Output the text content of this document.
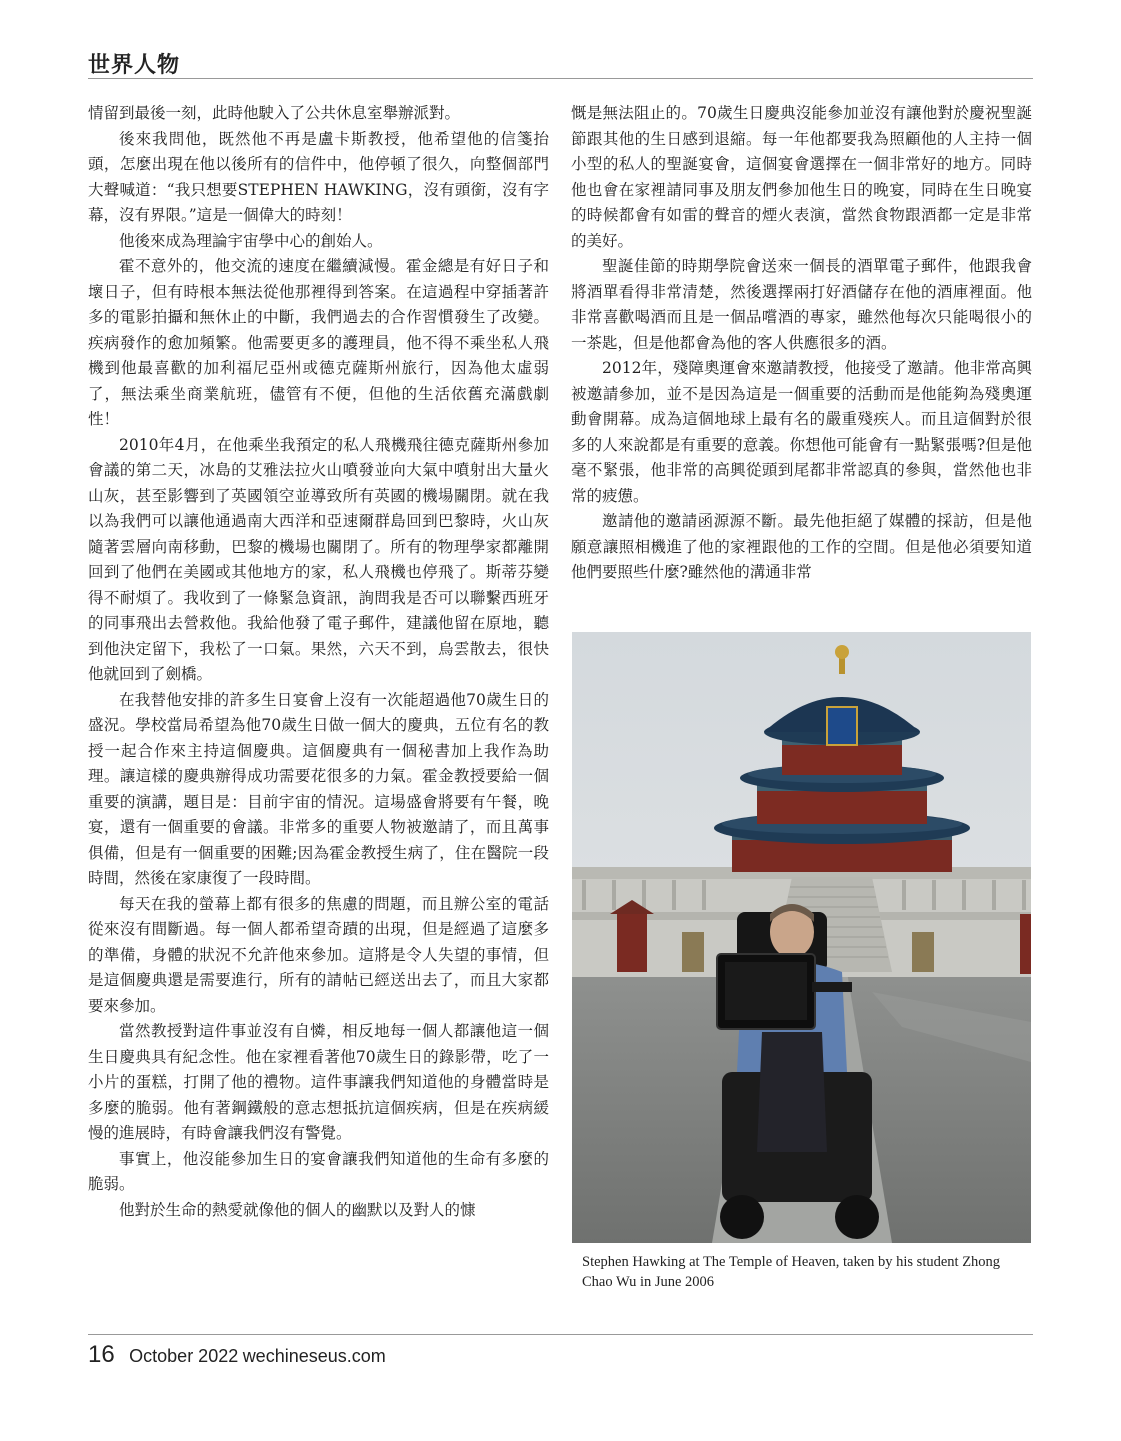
世界人物

情留到最後一刻，此時他駛入了公共休息室舉辦派對。

後來我問他，既然他不再是盧卡斯教授，他希望他的信箋抬頭，怎麼出現在他以後所有的信件中，他停頓了很久，向整個部門大聲喊道：“我只想要STEPHEN HAWKING，沒有頭銜，沒有字幕，沒有界限。”這是一個偉大的時刻！

他後來成為理論宇宙學中心的創始人。

霍不意外的，他交流的速度在繼續減慢。霍金總是有好日子和壞日子，但有時根本無法從他那裡得到答案。在這過程中穿插著許多的電影拍攝和無休止的中斷，我們過去的合作習慣發生了改變。疾病發作的愈加頻繁。他需要更多的護理員，他不得不乘坐私人飛機到他最喜歡的加利福尼亞州或德克薩斯州旅行，因為他太虛弱了，無法乘坐商業航班，儘管有不便，但他的生活依舊充滿戲劇性！

2010年4月，在他乘坐我預定的私人飛機飛往德克薩斯州參加會議的第二天，冰島的艾雅法拉火山噴發並向大氣中噴射出大量火山灰，甚至影響到了英國領空並導致所有英國的機場關閉。就在我以為我們可以讓他通過南大西洋和亞速爾群島回到巴黎時，火山灰隨著雲層向南移動，巴黎的機場也關閉了。所有的物理學家都離開回到了他們在美國或其他地方的家，私人飛機也停飛了。斯蒂芬變得不耐煩了。我收到了一條緊急資訊，詢問我是否可以聯繫西班牙的同事飛出去營救他。我給他發了電子郵件，建議他留在原地，聽到他決定留下，我松了一口氣。果然，六天不到，烏雲散去，很快他就回到了劍橋。

在我替他安排的許多生日宴會上沒有一次能超過他70歲生日的盛況。學校當局希望為他70歲生日做一個大的慶典，五位有名的教授一起合作來主持這個慶典。這個慶典有一個秘書加上我作為助理。讓這樣的慶典辦得成功需要花很多的力氣。霍金教授要給一個重要的演講，題目是：目前宇宙的情況。這場盛會將要有午餐，晚宴，還有一個重要的會議。非常多的重要人物被邀請了，而且萬事俱備，但是有一個重要的困難;因為霍金教授生病了，住在醫院一段時間，然後在家康復了一段時間。

每天在我的螢幕上都有很多的焦慮的問題，而且辦公室的電話從來沒有間斷過。每一個人都希望奇蹟的出現，但是經過了這麼多的準備，身體的狀況不允許他來參加。這將是令人失望的事情，但是這個慶典還是需要進行，所有的請帖已經送出去了，而且大家都要來參加。

當然教授對這件事並沒有自憐，相反地每一個人都讓他這一個生日慶典具有紀念性。他在家裡看著他70歲生日的錄影帶，吃了一小片的蛋糕，打開了他的禮物。這件事讓我們知道他的身體當時是多麼的脆弱。他有著鋼鐵般的意志想抵抗這個疾病，但是在疾病緩慢的進展時，有時會讓我們沒有警覺。

事實上，他沒能參加生日的宴會讓我們知道他的生命有多麼的脆弱。

他對於生命的熱愛就像他的個人的幽默以及對人的慷

慨是無法阻止的。70歲生日慶典沒能參加並沒有讓他對於慶祝聖誕節跟其他的生日感到退縮。每一年他都要我為照顧他的人主持一個小型的私人的聖誕宴會，這個宴會選擇在一個非常好的地方。同時他也會在家裡請同事及朋友們參加他生日的晚宴，同時在生日晚宴的時候都會有如雷的聲音的煙火表演，當然食物跟酒都一定是非常的美好。

聖誕佳節的時期學院會送來一個長的酒單電子郵件，他跟我會將酒單看得非常清楚，然後選擇兩打好酒儲存在他的酒庫裡面。他非常喜歡喝酒而且是一個品嚐酒的專家，雖然他每次只能喝很小的一茶匙，但是他都會為他的客人供應很多的酒。

2012年，殘障奧運會來邀請教授，他接受了邀請。他非常高興被邀請參加，並不是因為這是一個重要的活動而是他能夠為殘奧運動會開幕。成為這個地球上最有名的嚴重殘疾人。而且這個對於很多的人來說都是有重要的意義。你想他可能會有一點緊張嗎?但是他毫不緊張，他非常的高興從頭到尾都非常認真的參與，當然他也非常的疲憊。

邀請他的邀請函源源不斷。最先他拒絕了媒體的採訪，但是他願意讓照相機進了他的家裡跟他的工作的空間。但是他必須要知道他們要照些什麼?雖然他的溝通非常

Stephen Hawking at The Temple of Heaven, taken by his student Zhong Chao Wu in June 2006
16 October 2022 wechineseus.com
